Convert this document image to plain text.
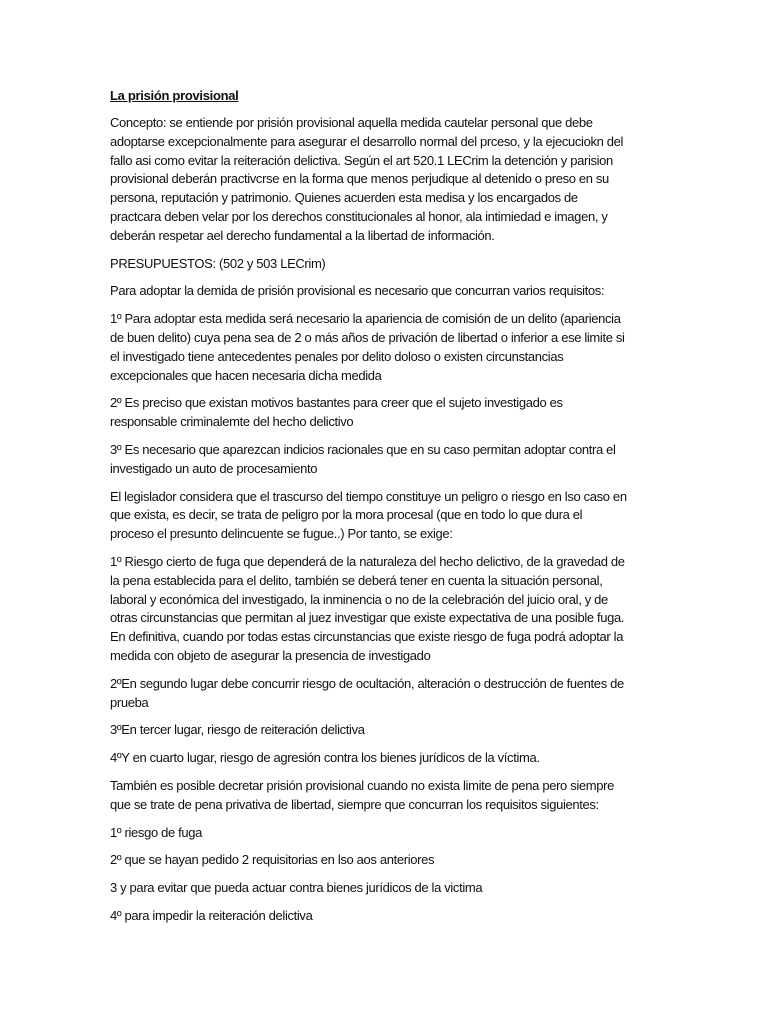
La prisión provisional
Concepto: se entiende por prisión provisional aquella medida cautelar personal que debe
adoptarse excepcionalmente para asegurar el desarrollo normal del prceso, y la ejecuciokn del
fallo asi como evitar la reiteración delictiva. Según el art 520.1 LECrim la detención y parision
provisional deberán practivcrse en la forma que menos perjudique al detenido o preso en su
persona, reputación y patrimonio. Quienes acuerden esta medisa y los encargados de
practcara deben velar por los derechos constitucionales al honor, ala intimiedad e imagen, y
deberán respetar ael derecho fundamental a la libertad de información.
PRESUPUESTOS: (502 y 503 LECrim)
Para adoptar la demida de prisión provisional es necesario que concurran varios requisitos:
1º Para adoptar esta medida será necesario la apariencia de comisión de un delito (apariencia
de buen delito) cuya pena sea de 2 o más años de privación de libertad o inferior a ese limite si
el investigado tiene antecedentes penales por delito doloso o existen circunstancias
excepcionales que hacen necesaria dicha medida
2º Es preciso que existan motivos bastantes para creer que el sujeto investigado es
responsable criminalemte del hecho delictivo
3º Es necesario que aparezcan indicios racionales que en su caso permitan adoptar contra el
investigado un auto de procesamiento
El legislador considera que el trascurso del tiempo constituye un peligro o riesgo en lso caso en
que exista, es decir, se trata de peligro por la mora procesal (que en todo lo que dura el
proceso el presunto delincuente se fugue..) Por tanto, se exige:
1º Riesgo cierto de fuga que dependerá de la naturaleza del hecho delictivo, de la gravedad de
la pena establecida para el delito, también se deberá tener en cuenta la situación personal,
laboral y económica del investigado, la inminencia o no de la celebración del juicio oral, y de
otras circunstancias que permitan al juez investigar que existe expectativa de una posible fuga.
En definitiva, cuando por todas estas circunstancias que existe riesgo de fuga podrá adoptar la
medida con objeto de asegurar la presencia de investigado
2ºEn segundo lugar debe concurrir riesgo de ocultación, alteración o destrucción de fuentes de
prueba
3ºEn tercer lugar, riesgo de reiteración delictiva
4ºY en cuarto lugar, riesgo de agresión contra los bienes jurídicos de la víctima.
También es posible decretar prisión provisional cuando no exista limite de pena pero siempre
que se trate de pena privativa de libertad, siempre que concurran los requisitos siguientes:
1º riesgo de fuga
2º que se hayan pedido 2 requisitorias en lso aos anteriores
3 y para evitar que pueda actuar contra bienes jurídicos de la victima
4º para impedir la reiteración delictiva
